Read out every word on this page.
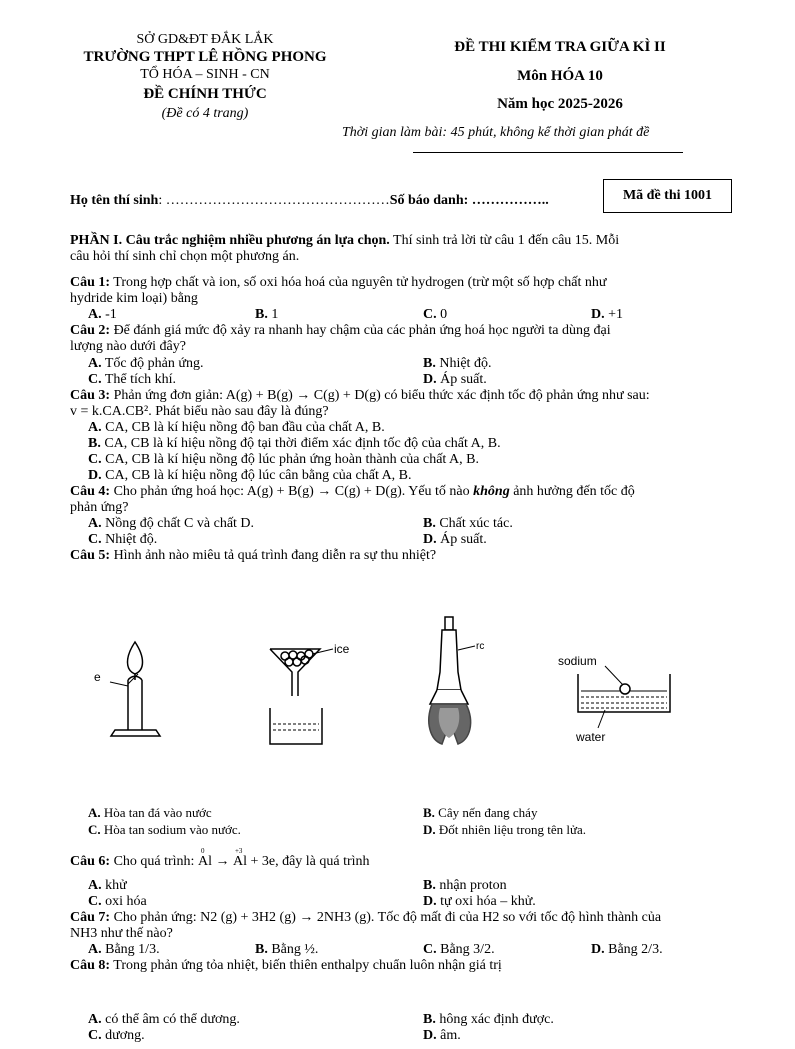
SỞ GD&ĐT ĐẮK LẮK
TRƯỜNG THPT LÊ HỒNG PHONG
TỔ HÓA – SINH - CN
ĐỀ CHÍNH THỨC
(Đề có 4 trang)
ĐỀ THI KIỂM TRA GIỮA KÌ II
Môn HÓA 10
Năm học 2025-2026
Thời gian làm bài: 45 phút, không kể thời gian phát đề
Họ tên thí sinh: …………………………………………Số báo danh: ……………..	Mã đề thi 1001
PHẦN I. Câu trắc nghiệm nhiều phương án lựa chọn. Thí sinh trả lời từ câu 1 đến câu 15. Mỗi
câu hỏi thí sinh chỉ chọn một phương án.
Câu 1: Trong hợp chất và ion, số oxi hóa hoá của nguyên tử hydrogen (trừ một số hợp chất như
hydride kim loại) bằng
A. -1	B. 1	C. 0	D. +1
Câu 2: Để đánh giá mức độ xảy ra nhanh hay chậm của các phản ứng hoá học người ta dùng đại
lượng nào dưới đây?
A. Tốc độ phản ứng.	B. Nhiệt độ.
C. Thể tích khí.	D. Áp suất.
Câu 3: Phản ứng đơn giản: A(g) + B(g) → C(g) + D(g) có biểu thức xác định tốc độ phản ứng như sau:
v = k.CA.CB². Phát biểu nào sau đây là đúng?
A. CA, CB là kí hiệu nồng độ ban đầu của chất A, B.
B. CA, CB là kí hiệu nồng độ tại thời điểm xác định tốc độ của chất A, B.
C. CA, CB là kí hiệu nồng độ lúc phản ứng hoàn thành của chất A, B.
D. CA, CB là kí hiệu nồng độ lúc cân bằng của chất A, B.
Câu 4: Cho phản ứng hoá học: A(g) + B(g) → C(g) + D(g). Yếu tố nào không ảnh hưởng đến tốc độ
phản ứng?
A. Nồng độ chất C và chất D.	B. Chất xúc tác.
C. Nhiệt độ.	D. Áp suất.
Câu 5: Hình ảnh nào miêu tả quá trình đang diễn ra sự thu nhiệt?
e
ice	rc
sodium
water
A. Hòa tan đá vào nước	B. Cây nến đang cháy
C. Hòa tan sodium vào nước.	D. Đốt nhiên liệu trong tên lửa.
Câu 6: Cho quá trình:
0
Al →
+3
Al + 3e, đây là quá trình
A. khử	B. nhận proton
C. oxi hóa	D. tự oxi hóa – khử.
Câu 7: Cho phản ứng: N2 (g) + 3H2 (g) → 2NH3 (g). Tốc độ mất đi của H2 so với tốc độ hình thành của
NH3 như thế nào?
A. Bằng 1/3.	B. Bằng ½.	C. Bằng 3/2.	D. Bằng 2/3.
Câu 8: Trong phản ứng tỏa nhiệt, biến thiên enthalpy chuẩn luôn nhận giá trị
A. có thể âm có thể dương.	B. hông xác định được.
C. dương.	D. âm.
